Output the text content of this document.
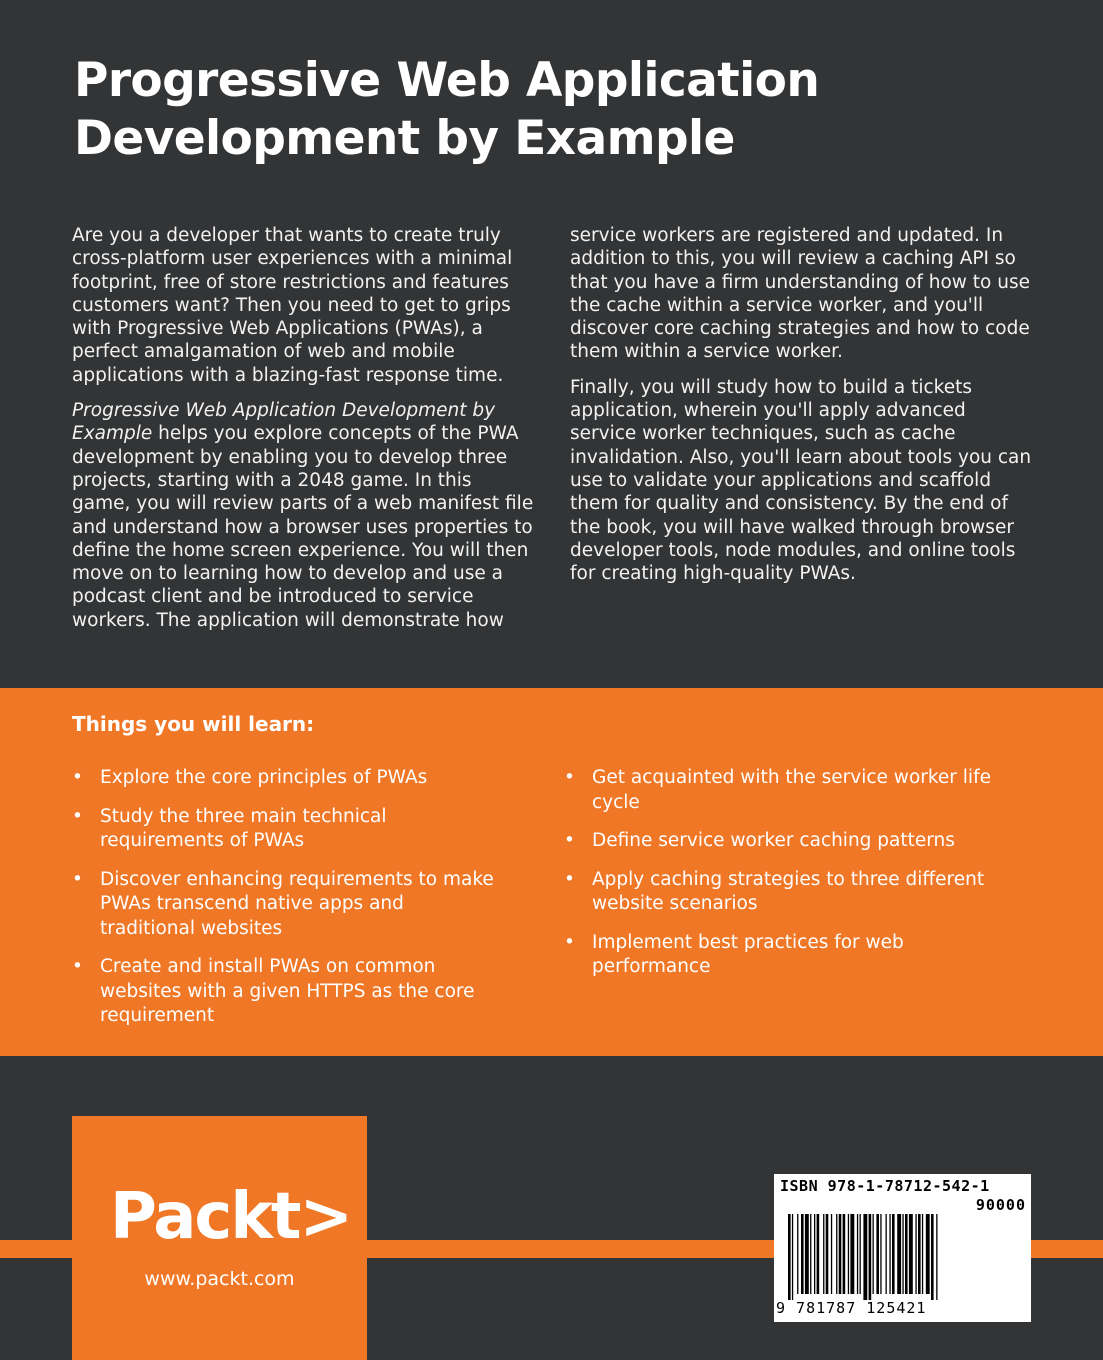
Progressive Web Application
Development by Example

Are you a developer that wants to create truly cross-platform user experiences with a minimal footprint, free of store restrictions and features customers want? Then you need to get to grips with Progressive Web Applications (PWAs), a perfect amalgamation of web and mobile applications with a blazing-fast response time.

Progressive Web Application Development by Example helps you explore concepts of the PWA development by enabling you to develop three projects, starting with a 2048 game. In this game, you will review parts of a web manifest file and understand how a browser uses properties to define the home screen experience. You will then move on to learning how to develop and use a podcast client and be introduced to service workers. The application will demonstrate how service workers are registered and updated. In addition to this, you will review a caching API so that you have a firm understanding of how to use the cache within a service worker, and you'll discover core caching strategies and how to code them within a service worker.

Finally, you will study how to build a tickets application, wherein you'll apply advanced service worker techniques, such as cache invalidation. Also, you'll learn about tools you can use to validate your applications and scaffold them for quality and consistency. By the end of the book, you will have walked through browser developer tools, node modules, and online tools for creating high-quality PWAs.

Things you will learn:
• Explore the core principles of PWAs
• Study the three main technical requirements of PWAs
• Discover enhancing requirements to make PWAs transcend native apps and traditional websites
• Create and install PWAs on common websites with a given HTTPS as the core requirement
• Get acquainted with the service worker life cycle
• Define service worker caching patterns
• Apply caching strategies to three different website scenarios
• Implement best practices for web performance
Packt>
www.packt.com
ISBN 978-1-78712-542-1
90000
9 781787 125421
